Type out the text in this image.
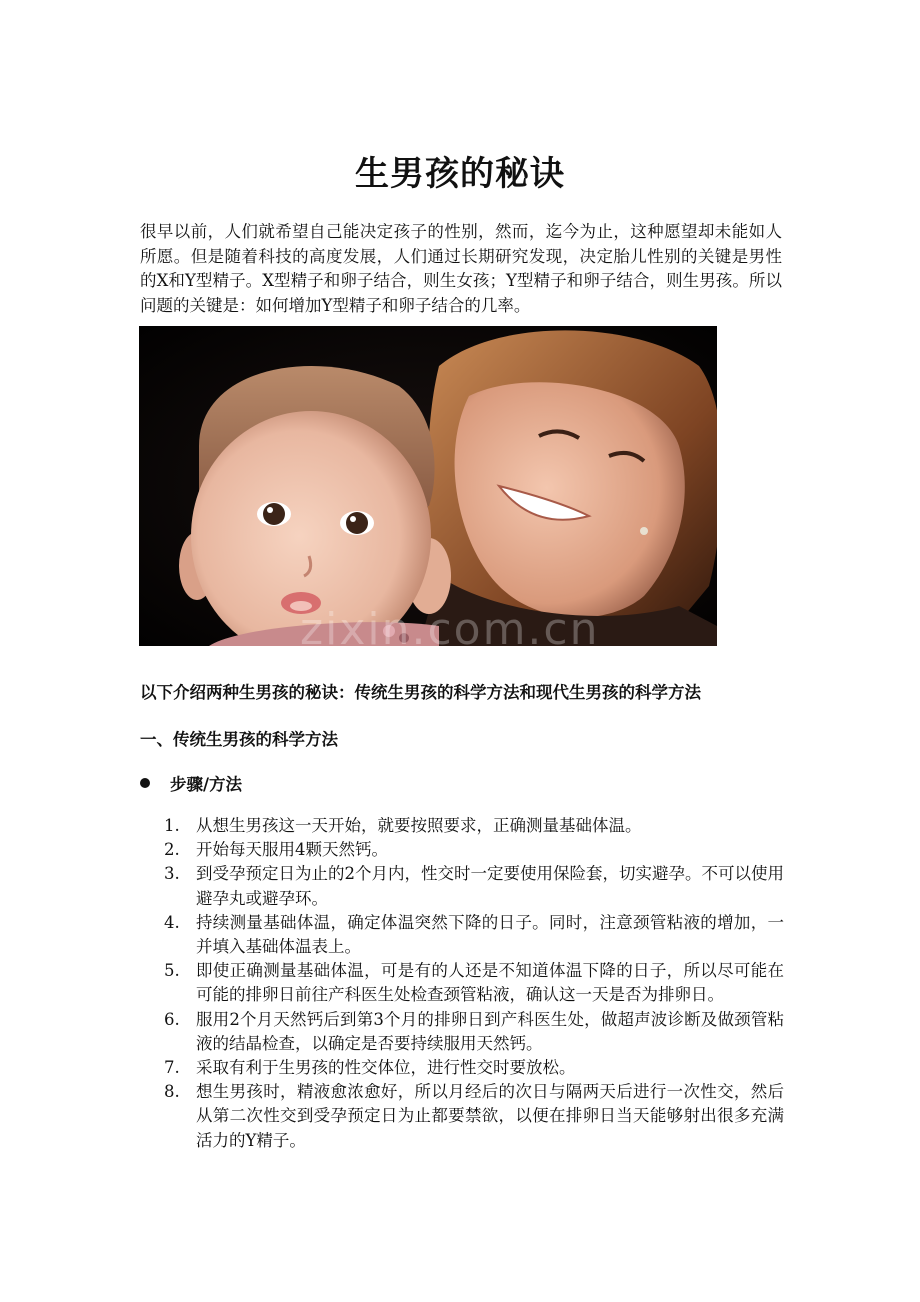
生男孩的秘诀
很早以前，人们就希望自己能决定孩子的性别，然而，迄今为止，这种愿望却未能如人所愿。但是随着科技的高度发展，人们通过长期研究发现，决定胎儿性别的关键是男性的X和Y型精子。X型精子和卵子结合，则生女孩；Y型精子和卵子结合，则生男孩。所以问题的关键是：如何增加Y型精子和卵子结合的几率。
zixin.com.cn
以下介绍两种生男孩的秘诀：传统生男孩的科学方法和现代生男孩的科学方法
一、传统生男孩的科学方法
步骤/方法
1. 从想生男孩这一天开始，就要按照要求，正确测量基础体温。
2. 开始每天服用4颗天然钙。
3. 到受孕预定日为止的2个月内，性交时一定要使用保险套，切实避孕。不可以使用避孕丸或避孕环。
4. 持续测量基础体温，确定体温突然下降的日子。同时，注意颈管粘液的增加，一并填入基础体温表上。
5. 即使正确测量基础体温，可是有的人还是不知道体温下降的日子，所以尽可能在可能的排卵日前往产科医生处检查颈管粘液，确认这一天是否为排卵日。
6. 服用2个月天然钙后到第3个月的排卵日到产科医生处，做超声波诊断及做颈管粘液的结晶检查，以确定是否要持续服用天然钙。
7. 采取有利于生男孩的性交体位，进行性交时要放松。
8. 想生男孩时，精液愈浓愈好，所以月经后的次日与隔两天后进行一次性交，然后从第二次性交到受孕预定日为止都要禁欲，以便在排卵日当天能够射出很多充满活力的Y精子。
